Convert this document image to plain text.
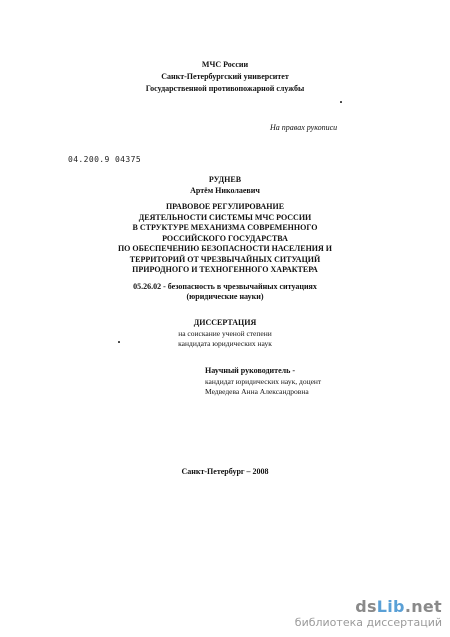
МЧС России
Санкт-Петербургский университет
Государственной противопожарной службы
На правах рукописи
04.200.9 04375
РУДНЕВ
Артём Николаевич
ПРАВОВОЕ РЕГУЛИРОВАНИЕ
ДЕЯТЕЛЬНОСТИ СИСТЕМЫ МЧС РОССИИ
В СТРУКТУРЕ МЕХАНИЗМА СОВРЕМЕННОГО
РОССИЙСКОГО ГОСУДАРСТВА
ПО ОБЕСПЕЧЕНИЮ БЕЗОПАСНОСТИ НАСЕЛЕНИЯ И
ТЕРРИТОРИЙ ОТ ЧРЕЗВЫЧАЙНЫХ СИТУАЦИЙ
ПРИРОДНОГО И ТЕХНОГЕННОГО ХАРАКТЕРА
05.26.02 - безопасность в чрезвычайных ситуациях
(юридические науки)
ДИССЕРТАЦИЯ
на соискание ученой степени
кандидата юридических наук
Научный руководитель -
кандидат юридических наук, доцент
Медведева Анна Александровна
Санкт-Петербург – 2008
dsLib.net
библиотека диссертаций
